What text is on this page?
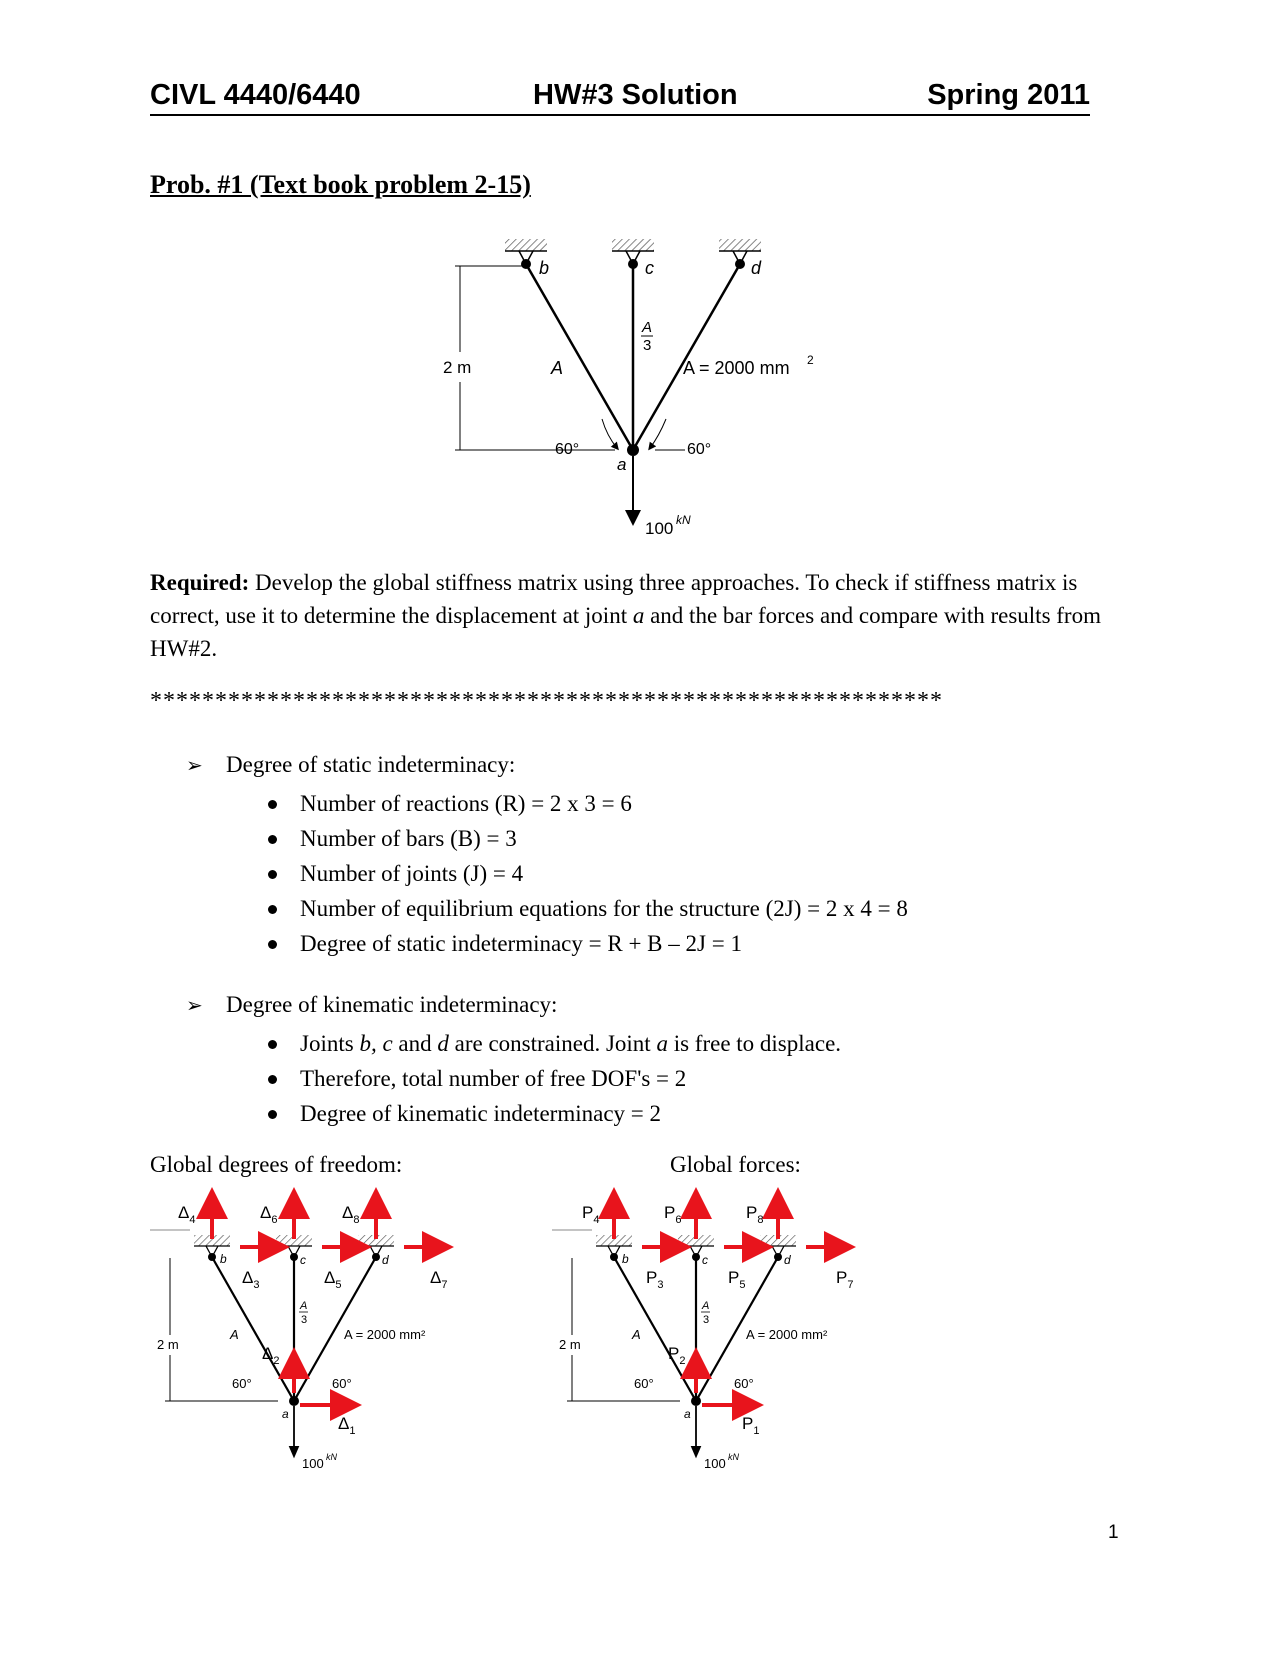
CIVL 4440/6440	HW#3 Solution	Spring 2011
Prob. #1 (Text book problem 2-15)
2 m
b	c	d
a
A
A
3
A = 2000 mm 2
60°	60°
100 kN
Required: Develop the global stiffness matrix using three approaches. To check if stiffness matrix is correct, use it to determine the displacement at joint a and the bar forces and compare with results from HW#2.
*************************************************************
➢ Degree of static indeterminacy:
Number of reactions (R) = 2 x 3 = 6
Number of bars (B) = 3
Number of joints (J) = 4
Number of equilibrium equations for the structure (2J) = 2 x 4 = 8
Degree of static indeterminacy = R + B – 2J = 1
➢ Degree of kinematic indeterminacy:
Joints b, c and d are constrained. Joint a is free to displace.
Therefore, total number of free DOF's = 2
Degree of kinematic indeterminacy = 2
Global degrees of freedom:	Global forces:
2 m
b	c	d
a
A
A
3
A = 2000 mm²
60°	60°
100 kN
$\Delta_4$	$\Delta_6$	$\Delta_8$
$\Delta_3$	$\Delta_5$	$\Delta_7$
$\Delta_2$
$\Delta_1$
2 m
b	c	d
a
A
A
3
A = 2000 mm²
60°	60°
100 kN
$P_4$	$P_6$	$P_8$
$P_3$	$P_5$	$P_7$
$P_2$
$P_1$
1
